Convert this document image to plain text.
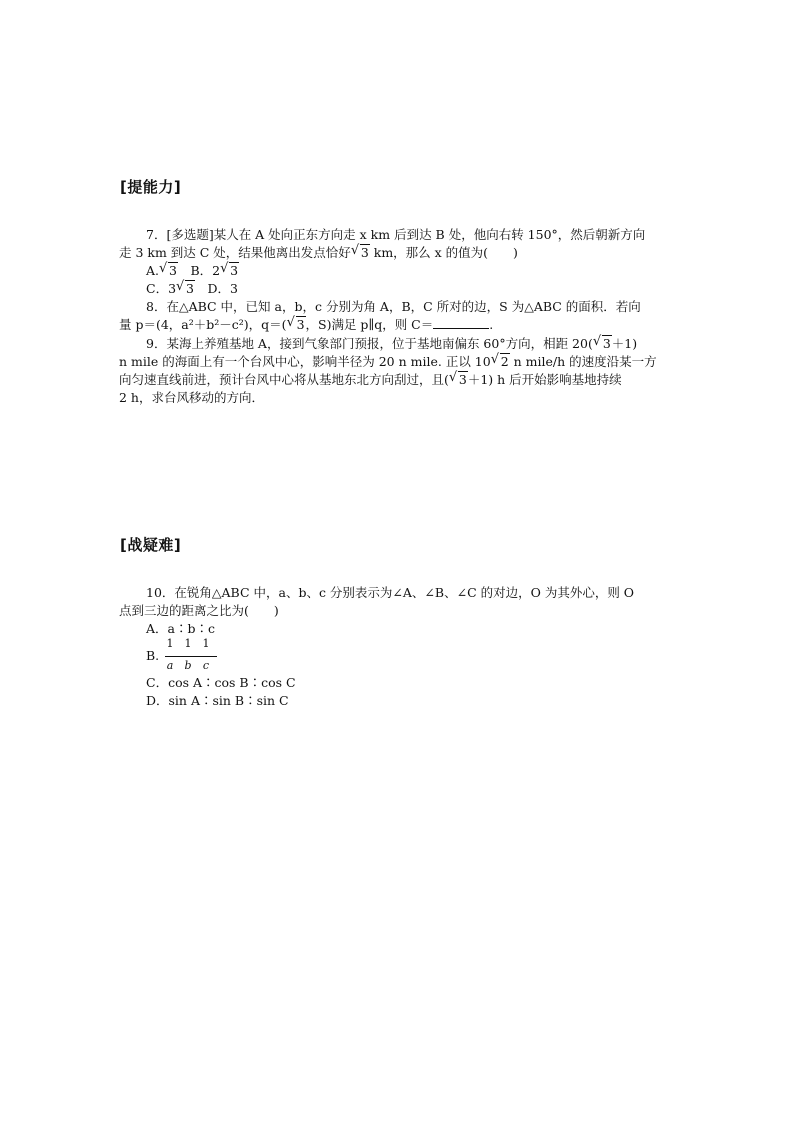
[提能力]
7．[多选题]某人在 A 处向正东方向走 x km 后到达 B 处，他向右转 150°，然后朝新方向
走 3 km 到达 C 处，结果他离出发点恰好 √ 3 km，那么 x 的值为(　　)
A. √ 3　B．2 √ 3
C．3 √ 3　D．3
8．在△ABC 中，已知 a，b，c 分别为角 A，B，C 所对的边，S 为△ABC 的面积．若向
量 p＝(4，a²＋b²－c²)，q＝( √ 3，S)满足 p∥q，则 C＝	.
9．某海上养殖基地 A，接到气象部门预报，位于基地南偏东 60°方向，相距 20( √ 3＋1)
n mile 的海面上有一个台风中心，影响半径为 20 n mile. 正以 10 √ 2 n mile/h 的速度沿某一方
向匀速直线前进，预计台风中心将从基地东北方向刮过，且( √ 3＋1) h 后开始影响基地持续
2 h，求台风移动的方向．
[战疑难]
10．在锐角△ABC 中，a、b、c 分别表示为∠A、∠B、∠C 的对边，O 为其外心，则 O
点到三边的距离之比为(　　)
A．a∶b∶c
1 1 1
B.
a b c
C．cos A∶cos B∶cos C
D．sin A∶sin B∶sin C
